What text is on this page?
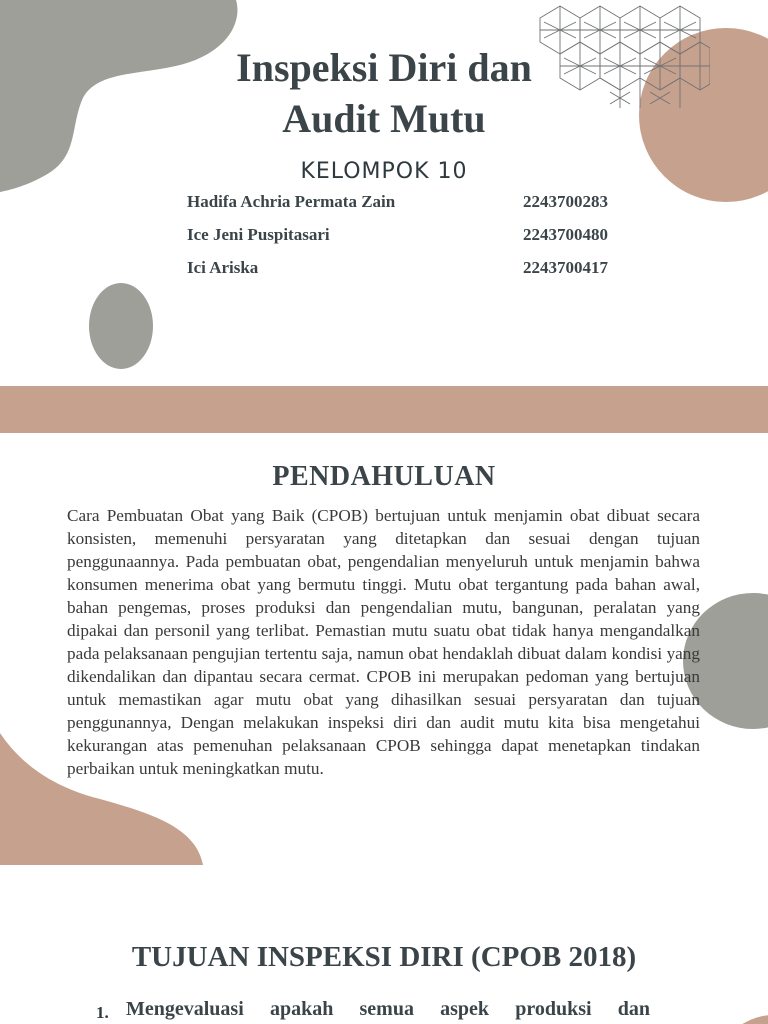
Inspeksi Diri dan
Audit Mutu
KELOMPOK 10
Hadifa Achria Permata Zain	2243700283
Ice Jeni Puspitasari	2243700480
Ici Ariska	2243700417
PENDAHULUAN

Cara Pembuatan Obat yang Baik (CPOB) bertujuan untuk menjamin obat dibuat secara konsisten, memenuhi persyaratan yang ditetapkan dan sesuai dengan tujuan penggunaannya. Pada pembuatan obat, pengendalian menyeluruh untuk menjamin bahwa konsumen menerima obat yang bermutu tinggi. Mutu obat tergantung pada bahan awal, bahan pengemas, proses produksi dan pengendalian mutu, bangunan, peralatan yang dipakai dan personil yang terlibat. Pemastian mutu suatu obat tidak hanya mengandalkan pada pelaksanaan pengujian tertentu saja, namun obat hendaklah dibuat dalam kondisi yang dikendalikan dan dipantau secara cermat. CPOB ini merupakan pedoman yang bertujuan untuk memastikan agar mutu obat yang dihasilkan sesuai persyaratan dan tujuan penggunannya, Dengan melakukan inspeksi diri dan audit mutu kita bisa mengetahui kekurangan atas pemenuhan pelaksanaan CPOB sehingga dapat menetapkan tindakan perbaikan untuk meningkatkan mutu.

TUJUAN INSPEKSI DIRI (CPOB 2018)
1. Mengevaluasi apakah semua aspek produksi dan
